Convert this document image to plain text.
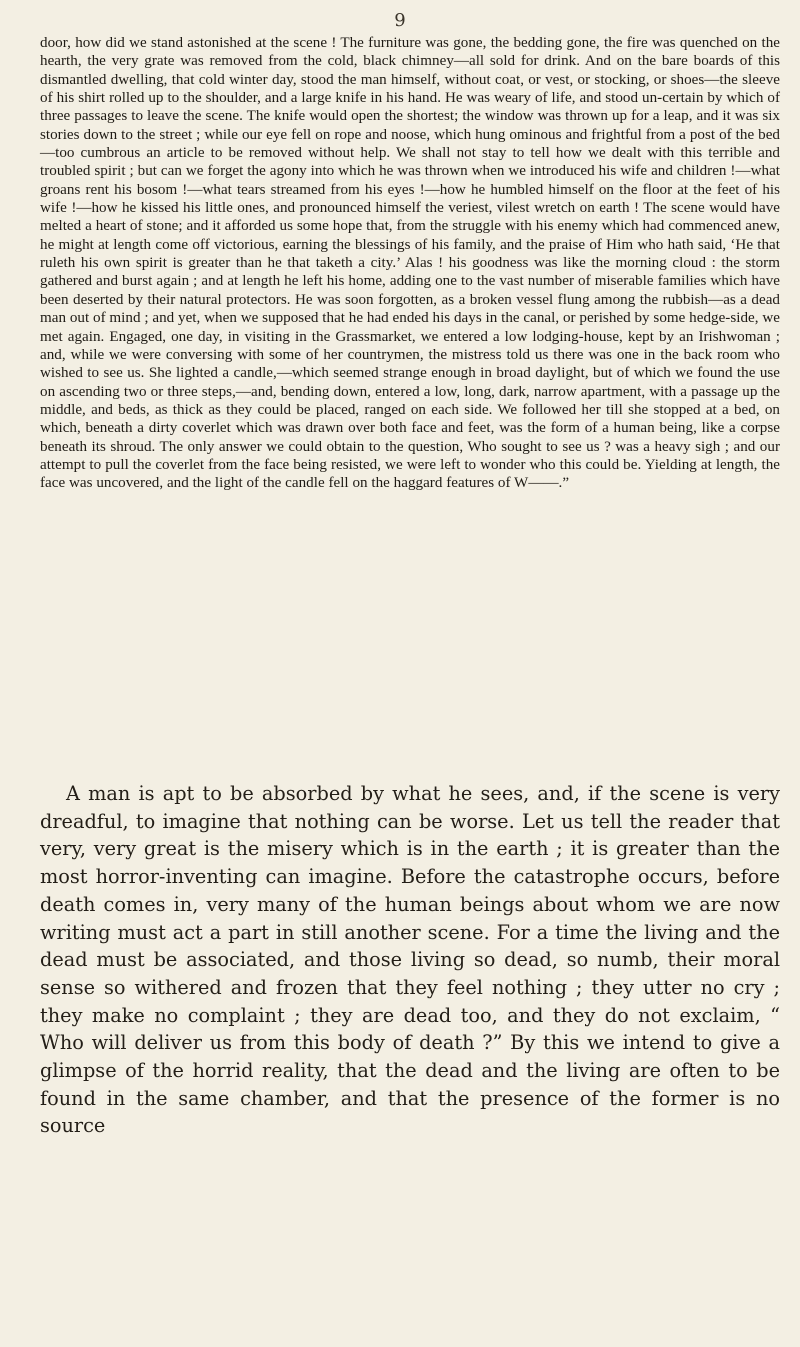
9

door, how did we stand astonished at the scene ! The furniture was gone, the bedding gone, the fire was quenched on the hearth, the very grate was removed from the cold, black chimney—all sold for drink. And on the bare boards of this dismantled dwelling, that cold winter day, stood the man himself, without coat, or vest, or stocking, or shoes—the sleeve of his shirt rolled up to the shoulder, and a large knife in his hand. He was weary of life, and stood un-certain by which of three passages to leave the scene. The knife would open the shortest; the window was thrown up for a leap, and it was six stories down to the street ; while our eye fell on rope and noose, which hung ominous and frightful from a post of the bed—too cumbrous an article to be removed without help. We shall not stay to tell how we dealt with this terrible and troubled spirit ; but can we forget the agony into which he was thrown when we introduced his wife and children !—what groans rent his bosom !—what tears streamed from his eyes !—how he humbled himself on the floor at the feet of his wife !—how he kissed his little ones, and pronounced himself the veriest, vilest wretch on earth ! The scene would have melted a heart of stone; and it afforded us some hope that, from the struggle with his enemy which had commenced anew, he might at length come off victorious, earning the blessings of his family, and the praise of Him who hath said, ‘He that ruleth his own spirit is greater than he that taketh a city.’ Alas ! his goodness was like the morning cloud : the storm gathered and burst again ; and at length he left his home, adding one to the vast number of miserable families which have been deserted by their natural protectors. He was soon forgotten, as a broken vessel flung among the rubbish—as a dead man out of mind ; and yet, when we supposed that he had ended his days in the canal, or perished by some hedge-side, we met again. Engaged, one day, in visiting in the Grassmarket, we entered a low lodging-house, kept by an Irishwoman ; and, while we were conversing with some of her countrymen, the mistress told us there was one in the back room who wished to see us. She lighted a candle,—which seemed strange enough in broad daylight, but of which we found the use on ascending two or three steps,—and, bending down, entered a low, long, dark, narrow apartment, with a passage up the middle, and beds, as thick as they could be placed, ranged on each side. We followed her till she stopped at a bed, on which, beneath a dirty coverlet which was drawn over both face and feet, was the form of a human being, like a corpse beneath its shroud. The only answer we could obtain to the question, Who sought to see us ? was a heavy sigh ; and our attempt to pull the coverlet from the face being resisted, we were left to wonder who this could be. Yielding at length, the face was uncovered, and the light of the candle fell on the haggard features of W——.”

A man is apt to be absorbed by what he sees, and, if the scene is very dreadful, to imagine that nothing can be worse. Let us tell the reader that very, very great is the misery which is in the earth ; it is greater than the most horror-inventing can imagine. Before the catastrophe occurs, before death comes in, very many of the human beings about whom we are now writing must act a part in still another scene. For a time the living and the dead must be associated, and those living so dead, so numb, their moral sense so withered and frozen that they feel nothing ; they utter no cry ; they make no complaint ; they are dead too, and they do not exclaim, “ Who will deliver us from this body of death ?” By this we intend to give a glimpse of the horrid reality, that the dead and the living are often to be found in the same chamber, and that the presence of the former is no source
